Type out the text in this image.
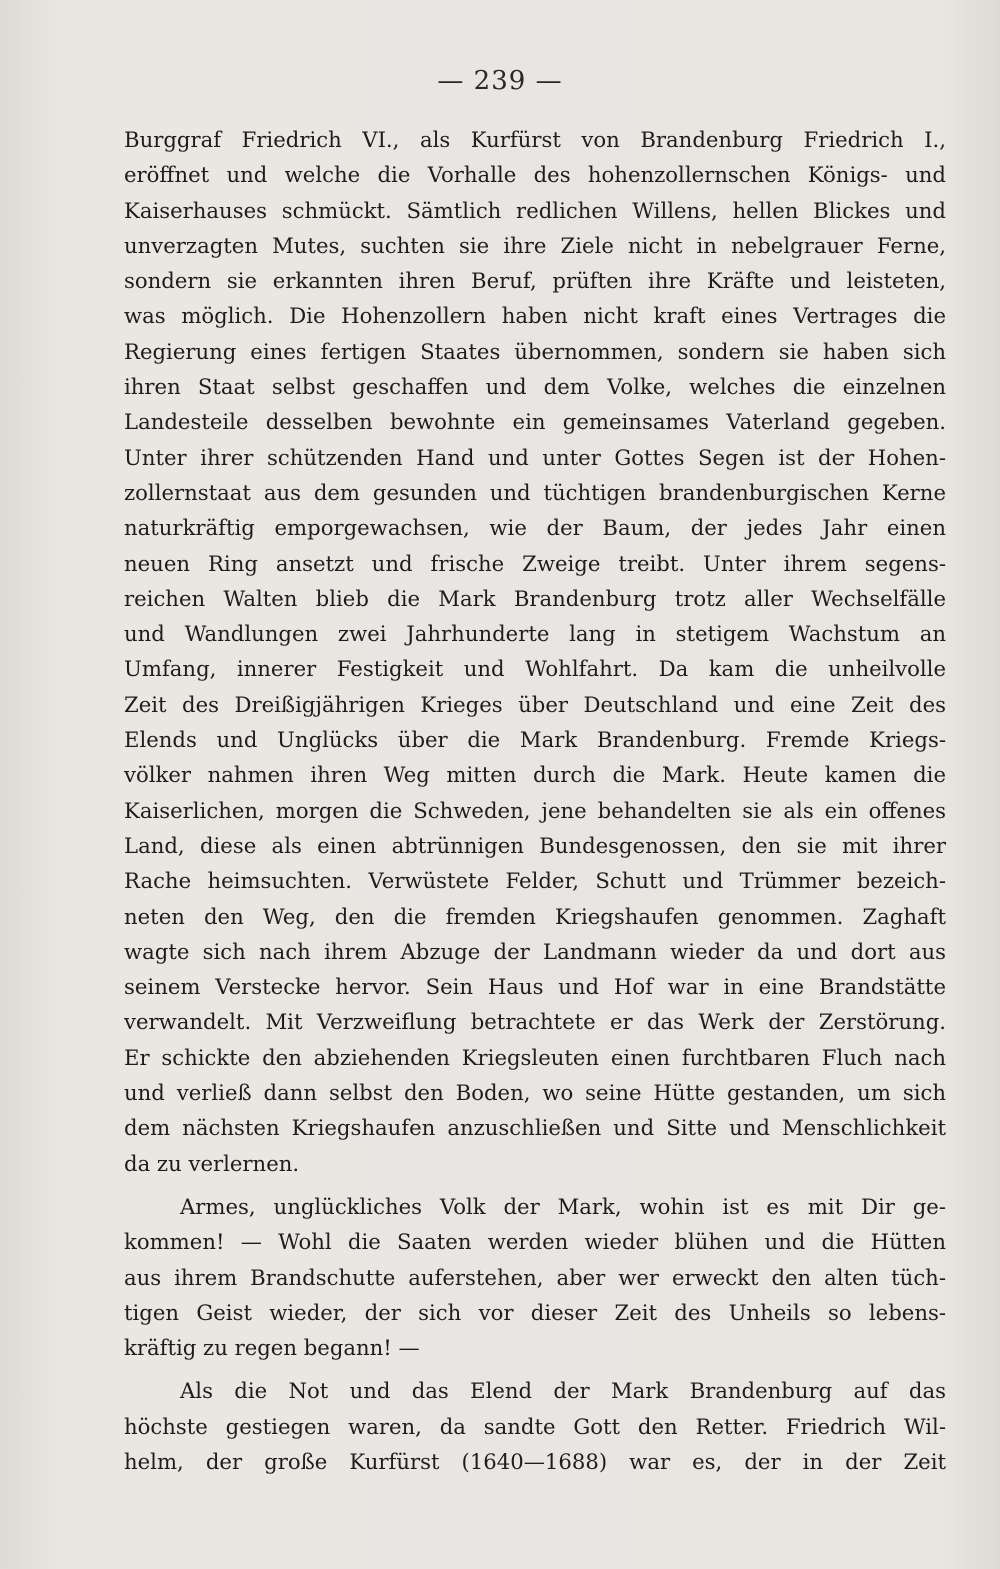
— 239 —
Burggraf Friedrich VI., als Kurfürst von Brandenburg Friedrich I.,
eröffnet und welche die Vorhalle des hohenzollernschen Königs- und
Kaiserhauses schmückt. Sämtlich redlichen Willens, hellen Blickes und
unverzagten Mutes, suchten sie ihre Ziele nicht in nebelgrauer Ferne,
sondern sie erkannten ihren Beruf, prüften ihre Kräfte und leisteten,
was möglich. Die Hohenzollern haben nicht kraft eines Vertrages die
Regierung eines fertigen Staates übernommen, sondern sie haben sich
ihren Staat selbst geschaffen und dem Volke, welches die einzelnen
Landesteile desselben bewohnte ein gemeinsames Vaterland gegeben.
Unter ihrer schützenden Hand und unter Gottes Segen ist der Hohen-
zollernstaat aus dem gesunden und tüchtigen brandenburgischen Kerne
naturkräftig emporgewachsen, wie der Baum, der jedes Jahr einen
neuen Ring ansetzt und frische Zweige treibt. Unter ihrem segens-
reichen Walten blieb die Mark Brandenburg trotz aller Wechselfälle
und Wandlungen zwei Jahrhunderte lang in stetigem Wachstum an
Umfang, innerer Festigkeit und Wohlfahrt. Da kam die unheilvolle
Zeit des Dreißigjährigen Krieges über Deutschland und eine Zeit des
Elends und Unglücks über die Mark Brandenburg. Fremde Kriegs-
völker nahmen ihren Weg mitten durch die Mark. Heute kamen die
Kaiserlichen, morgen die Schweden, jene behandelten sie als ein offenes
Land, diese als einen abtrünnigen Bundesgenossen, den sie mit ihrer
Rache heimsuchten. Verwüstete Felder, Schutt und Trümmer bezeich-
neten den Weg, den die fremden Kriegshaufen genommen. Zaghaft
wagte sich nach ihrem Abzuge der Landmann wieder da und dort aus
seinem Verstecke hervor. Sein Haus und Hof war in eine Brandstätte
verwandelt. Mit Verzweiflung betrachtete er das Werk der Zerstörung.
Er schickte den abziehenden Kriegsleuten einen furchtbaren Fluch nach
und verließ dann selbst den Boden, wo seine Hütte gestanden, um sich
dem nächsten Kriegshaufen anzuschließen und Sitte und Menschlichkeit
da zu verlernen.
Armes, unglückliches Volk der Mark, wohin ist es mit Dir ge-
kommen! — Wohl die Saaten werden wieder blühen und die Hütten
aus ihrem Brandschutte auferstehen, aber wer erweckt den alten tüch-
tigen Geist wieder, der sich vor dieser Zeit des Unheils so lebens-
kräftig zu regen begann! —
Als die Not und das Elend der Mark Brandenburg auf das
höchste gestiegen waren, da sandte Gott den Retter. Friedrich Wil-
helm, der große Kurfürst (1640—1688) war es, der in der Zeit
